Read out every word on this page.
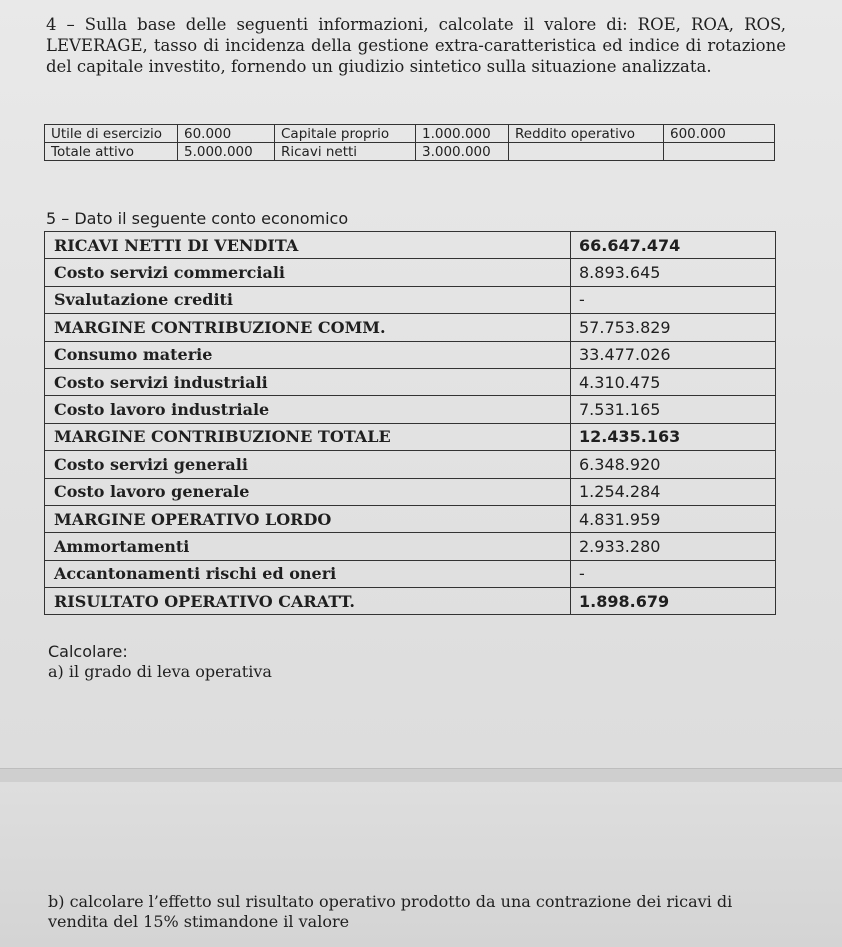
4 – Sulla base delle seguenti informazioni, calcolate il valore di: ROE, ROA, ROS, LEVERAGE, tasso di incidenza della gestione extra-caratteristica ed indice di rotazione del capitale investito, fornendo un giudizio sintetico sulla situazione analizzata.

Utile di esercizio	60.000	Capitale proprio	1.000.000	Reddito operativo	600.000
Totale attivo	5.000.000	Ricavi netti	3.000.000		

5 – Dato il seguente conto economico

RICAVI NETTI DI VENDITA	66.647.474
Costo servizi commerciali	8.893.645
Svalutazione crediti	-
MARGINE CONTRIBUZIONE COMM.	57.753.829
Consumo materie	33.477.026
Costo servizi industriali	4.310.475
Costo lavoro industriale	7.531.165
MARGINE CONTRIBUZIONE TOTALE	12.435.163
Costo servizi generali	6.348.920
Costo lavoro generale	1.254.284
MARGINE OPERATIVO LORDO	4.831.959
Ammortamenti	2.933.280
Accantonamenti rischi ed oneri	-
RISULTATO OPERATIVO CARATT.	1.898.679

Calcolare:

a) il grado di leva operativa

b) calcolare l’effetto sul risultato operativo prodotto da una contrazione dei ricavi di vendita del 15% stimandone il valore
